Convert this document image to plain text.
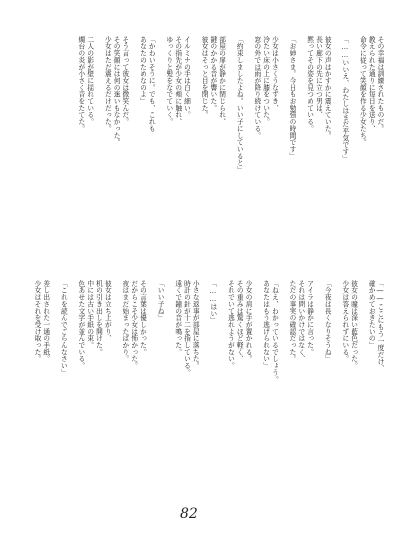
その幸福は訓練されたものだ。
教えられた通りに毎日を送り、
命令に従って笑顔を作る少女たち。

「……いいえ、わたしはまだ平気です」

彼女の声はかすかに震えていた。
長い廊下の先に立つ男は、
黙ってその姿を見つめている。

「お姉さま。今日もお勉強の時間です」

少女は小さくうなずき、
冷たい床の上に膝をついた。
窓の外では雨が降り続けている。

「約束しましたよね。いい子にしていると」

部屋の扉が静かに閉じられ、
鍵のかかる音が響いた。
彼女はそっと目を閉じた。

イルミナの手は白く細い。
その指先が少女の頬に触れ、
ゆっくりと髪をなでていく。

「かわいそうに。でも、これも
あなたのためなのよ」

そう言って彼女は微笑んだ。
その笑顔には何の迷いもなかった。
少女はただ震えるだけだった。

二人の影が壁に揺れている。
燭台の炎が小さく音をたてた。
「――ここにもう一度だけ、
確かめておきたいの」

彼女の瞳は深い藍色だった。
少女は答えられずにいる。

「今夜は長くなりそうね」

アイラは静かに言った。
それは問いかけではなく、
ただの事実の確認だった。

「ねえ、わかっているでしょう。
あなたはもう逃げられない」

少女の肩に手が置かれる。
その重みは驚くほど軽く、
それでいて逃れようがない。

「……はい」

小さな返事が部屋に落ちた。
時計の針が十二を指している。
遠くで鐘の音が鳴った。

「いい子ね」

その言葉は優しかった。
だからこそ少女は怖かった。
夜はまだ始まったばかり。

彼女は立ち上がり、
机の引き出しを開けた。
中には古い手紙の束。
色あせた文字が並んでいる。

「これを読んでごらんなさい」

差し出された一通の手紙。
少女はそれを受け取った。
82
